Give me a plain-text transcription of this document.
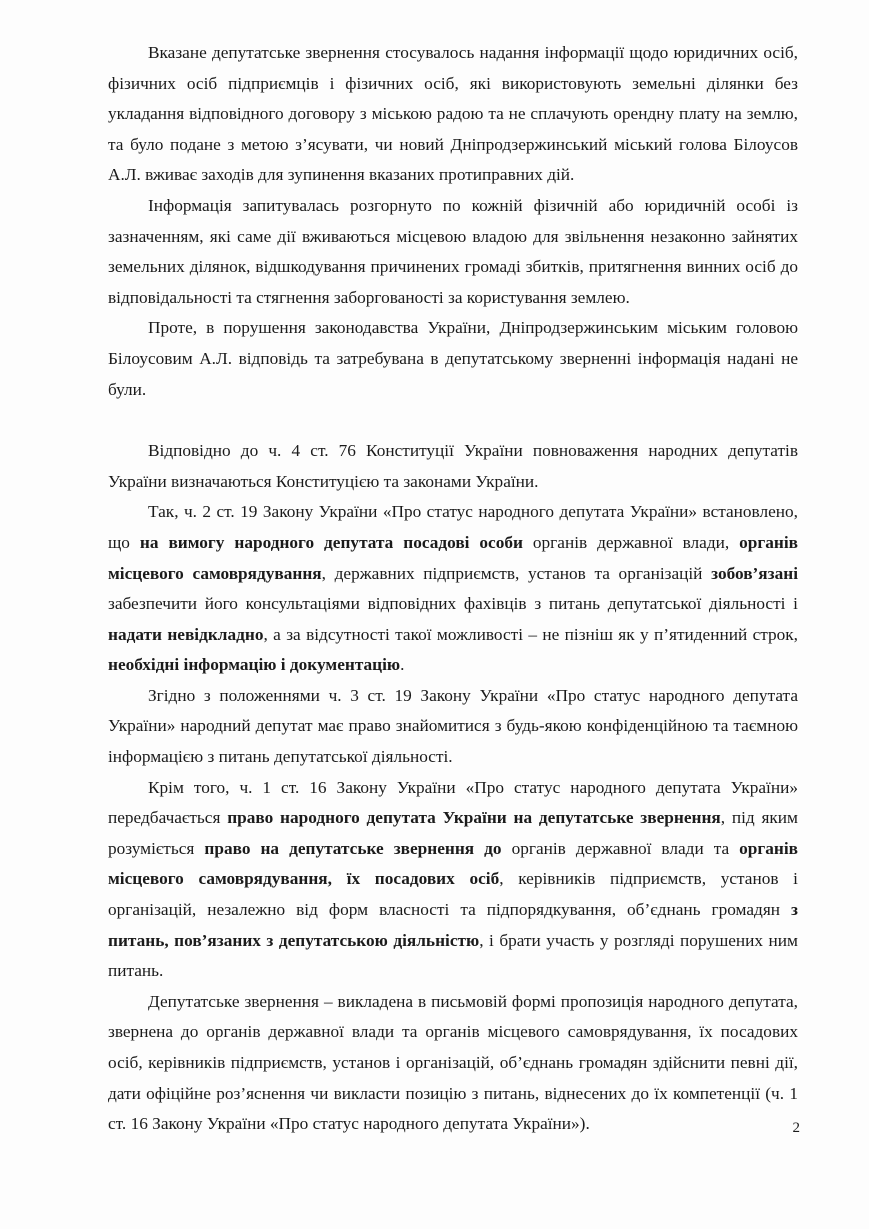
Вказане депутатське звернення стосувалось надання інформації щодо юридичних осіб, фізичних осіб підприємців і фізичних осіб, які використовують земельні ділянки без укладання відповідного договору з міською радою та не сплачують орендну плату на землю, та було подане з метою з’ясувати, чи новий Дніпродзержинський міський голова Білоусов А.Л. вживає заходів для зупинення вказаних протиправних дій.

Інформація запитувалась розгорнуто по кожній фізичній або юридичній особі із зазначенням, які саме дії вживаються місцевою владою для звільнення незаконно зайнятих земельних ділянок, відшкодування причинених громаді збитків, притягнення винних осіб до відповідальності та стягнення заборгованості за користування землею.

Проте, в порушення законодавства України, Дніпродзержинським міським головою Білоусовим А.Л. відповідь та затребувана в депутатському зверненні інформація надані не були.

Відповідно до ч. 4 ст. 76 Конституції України повноваження народних депутатів України визначаються Конституцією та законами України.

Так, ч. 2 ст. 19 Закону України «Про статус народного депутата України» встановлено, що на вимогу народного депутата посадові особи органів державної влади, органів місцевого самоврядування, державних підприємств, установ та організацій зобов’язані забезпечити його консультаціями відповідних фахівців з питань депутатської діяльності і надати невідкладно, а за відсутності такої можливості – не пізніш як у п’ятиденний строк, необхідні інформацію і документацію.

Згідно з положеннями ч. 3 ст. 19 Закону України «Про статус народного депутата України» народний депутат має право знайомитися з будь-якою конфіденційною та таємною інформацією з питань депутатської діяльності.

Крім того, ч. 1 ст. 16 Закону України «Про статус народного депутата України» передбачається право народного депутата України на депутатське звернення, під яким розуміється право на депутатське звернення до органів державної влади та органів місцевого самоврядування, їх посадових осіб, керівників підприємств, установ і організацій, незалежно від форм власності та підпорядкування, об’єднань громадян з питань, пов’язаних з депутатською діяльністю, і брати участь у розгляді порушених ним питань.

Депутатське звернення – викладена в письмовій формі пропозиція народного депутата, звернена до органів державної влади та органів місцевого самоврядування, їх посадових осіб, керівників підприємств, установ і організацій, об’єднань громадян здійснити певні дії, дати офіційне роз’яснення чи викласти позицію з питань, віднесених до їх компетенції (ч. 1 ст. 16 Закону України «Про статус народного депутата України»).	2
